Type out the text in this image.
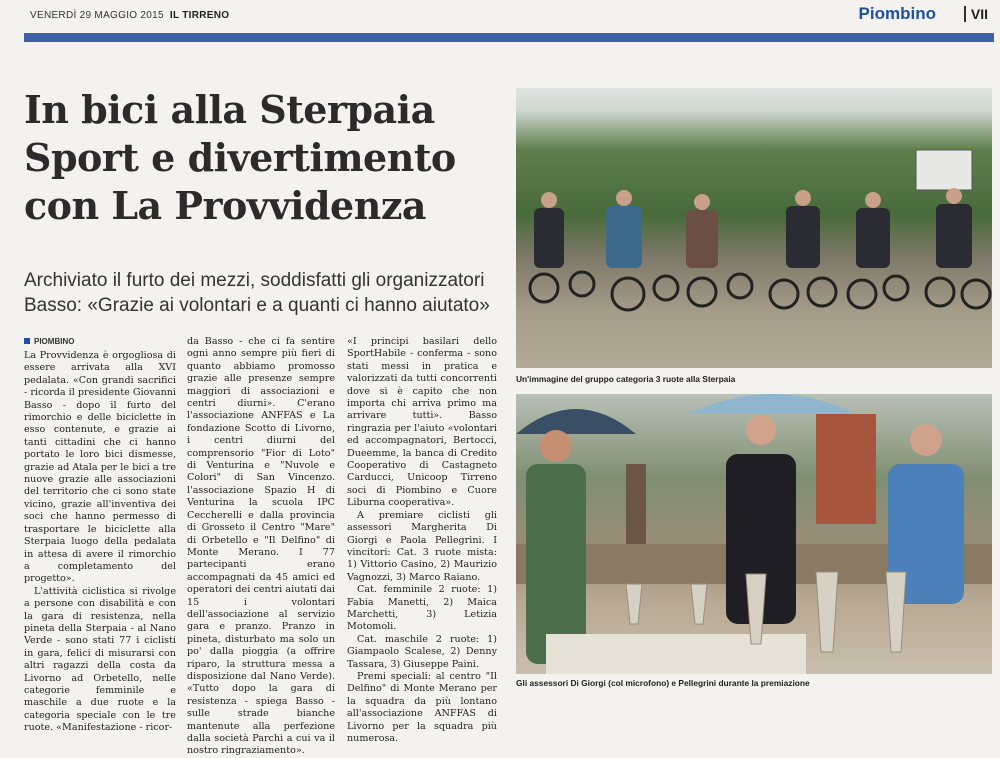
VENERDÌ 29 MAGGIO 2015 IL TIRRENO	Piombino	VII
In bici alla Sterpaia
Sport e divertimento
con La Provvidenza
Archiviato il furto dei mezzi, soddisfatti gli organizzatori
Basso: «Grazie ai volontari e a quanti ci hanno aiutato»
PIOMBINO

La Provvidenza è orgogliosa di essere arrivata alla XVI pedalata. «Con grandi sacrifici - ricorda il presidente Giovanni Basso - dopo il furto del rimorchio e delle biciclette in esso contenute, e grazie ai tanti cittadini che ci hanno portato le loro bici dismesse, grazie ad Atala per le bici a tre nuove grazie alle associazioni del territorio che ci sono state vicino, grazie all'inventiva dei soci che hanno permesso di trasportare le biciclette alla Sterpaia luogo della pedalata in attesa di avere il rimorchio a completamento del progetto».

L'attività ciclistica si rivolge a persone con disabilità e con la gara di resistenza, nella pineta della Sterpaia - al Nano Verde - sono stati 77 i ciclisti in gara, felici di misurarsi con altri ragazzi della costa da Livorno ad Orbetello, nelle categorie femminile e maschile a due ruote e la categoria speciale con le tre ruote. «Manifestazione - ricor-

da Basso - che ci fa sentire ogni anno sempre più fieri di quanto abbiamo promosso grazie alle presenze sempre maggiori di associazioni e centri diurni». C'erano l'associazione ANFFAS e La fondazione Scotto di Livorno, i centri diurni del comprensorio "Fior di Loto" di Venturina e "Nuvole e Colori" di San Vincenzo. l'associazione Spazio H di Venturina la scuola IPC Ceccherelli e dalla provincia di Grosseto il Centro "Mare" di Orbetello e "Il Delfino" di Monte Merano. I 77 partecipanti erano accompagnati da 45 amici ed operatori dei centri aiutati dai 15 i volontari dell'associazione al servizio gara e pranzo. Pranzo in pineta, disturbato ma solo un po' dalla pioggia (a offrire riparo, la struttura messa a disposizione dal Nano Verde). «Tutto dopo la gara di resistenza - spiega Basso - sulle strade bianche mantenute alla perfezione dalla società Parchi a cui va il nostro ringraziamento».

«I principi basilari dello SportHabile - conferma - sono stati messi in pratica e valorizzati da tutti concorrenti dove si è capito che non importa chi arriva primo ma arrivare tutti». Basso ringrazia per l'aiuto «volontari ed accompagnatori, Bertocci, Dueemme, la banca di Credito Cooperativo di Castagneto Carducci, Unicoop Tirreno soci di Piombino e Cuore Liburna cooperativa».

A premiare ciclisti gli assessori Margherita Di Giorgi e Paola Pellegrini. I vincitori: Cat. 3 ruote mista: 1) Vittorio Casino, 2) Maurizio Vagnozzi, 3) Marco Raiano.

Cat. femminile 2 ruote: 1) Fabia Manetti, 2) Maica Marchetti, 3) Letizia Motomoli.

Cat. maschile 2 ruote: 1) Giampaolo Scalese, 2) Denny Tassara, 3) Giuseppe Paini.

Premi speciali: al centro "Il Delfino" di Monte Merano per la squadra da più lontano all'associazione ANFFAS di Livorno per la squadra più numerosa.

Un'immagine del gruppo categoria 3 ruote alla Sterpaia
Gli assessori Di Giorgi (col microfono) e Pellegrini durante la premiazione
